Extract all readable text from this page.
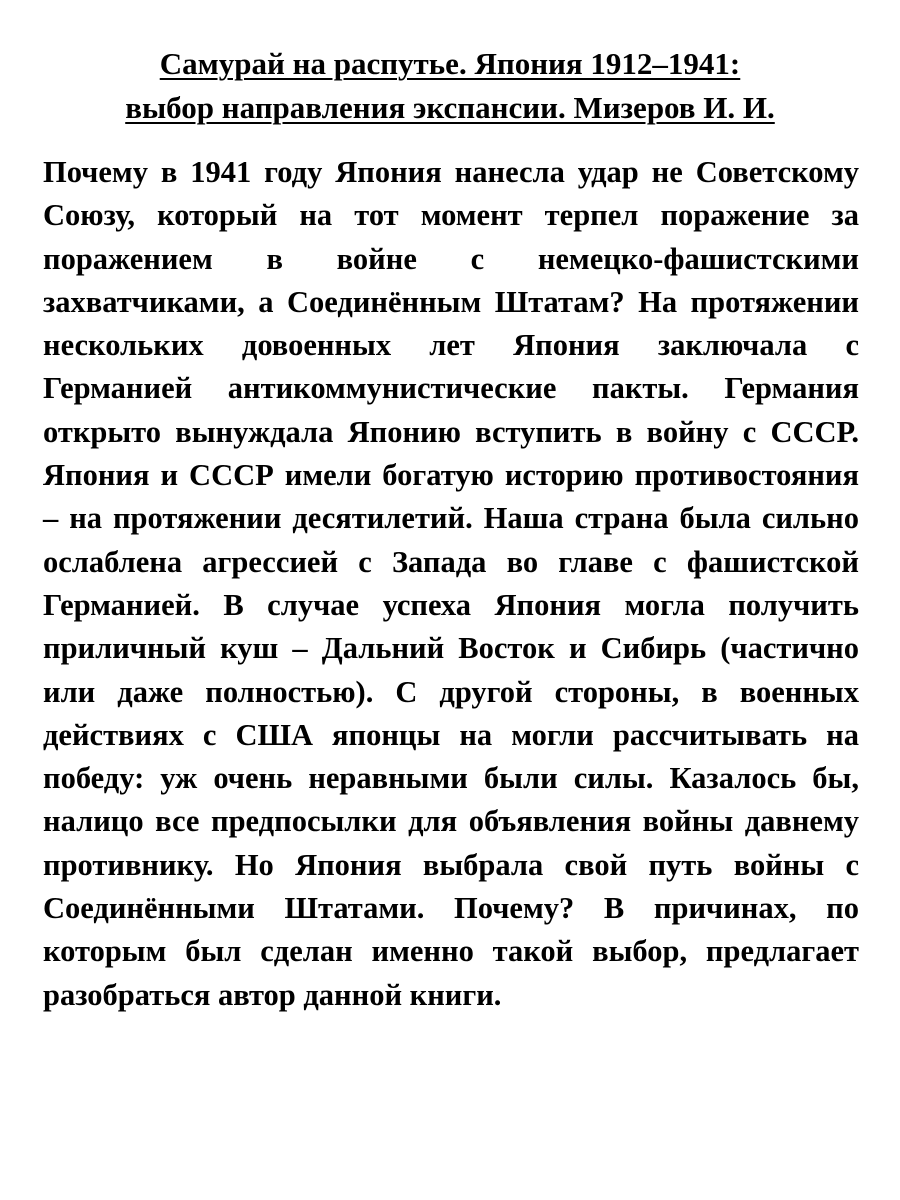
Самурай на распутье. Япония 1912–1941:
выбор направления экспансии. Мизеров И. И.

Почему в 1941 году Япония нанесла удар не Советскому Союзу, который на тот момент терпел поражение за поражением в войне с немецко-фашистскими захватчиками, а Соединённым Штатам? На протяжении нескольких довоенных лет Япония заключала с Германией антикоммунистические пакты. Германия открыто вынуждала Японию вступить в войну с СССР. Япония и СССР имели богатую историю противостояния – на протяжении десятилетий. Наша страна была сильно ослаблена агрессией с Запада во главе с фашистской Германией. В случае успеха Япония могла получить приличный куш – Дальний Восток и Сибирь (частично или даже полностью). С другой стороны, в военных действиях с США японцы на могли рассчитывать на победу: уж очень неравными были силы. Казалось бы, налицо все предпосылки для объявления войны давнему противнику. Но Япония выбрала свой путь войны с Соединёнными Штатами. Почему? В причинах, по которым был сделан именно такой выбор, предлагает разобраться автор данной книги.
